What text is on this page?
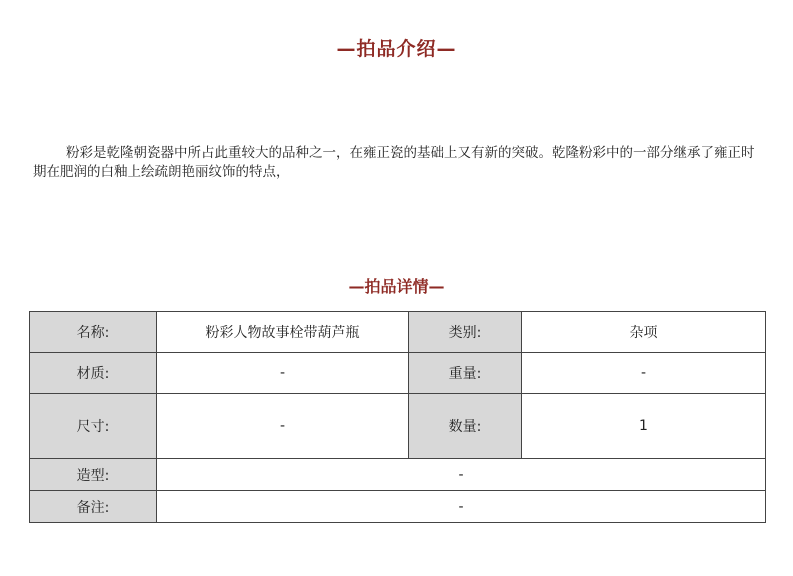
—拍品介绍—

粉彩是乾隆朝瓷器中所占此重较大的品种之一，在雍正瓷的基础上又有新的突破。乾隆粉彩中的一部分继承了雍正时期在肥润的白釉上绘疏朗艳丽纹饰的特点，

—拍品详情—
名称:	粉彩人物故事栓带葫芦瓶	类别:	杂项
材质:	-	重量:	-
尺寸:	-	数量:	1
造型:	-		
备注:	-		
